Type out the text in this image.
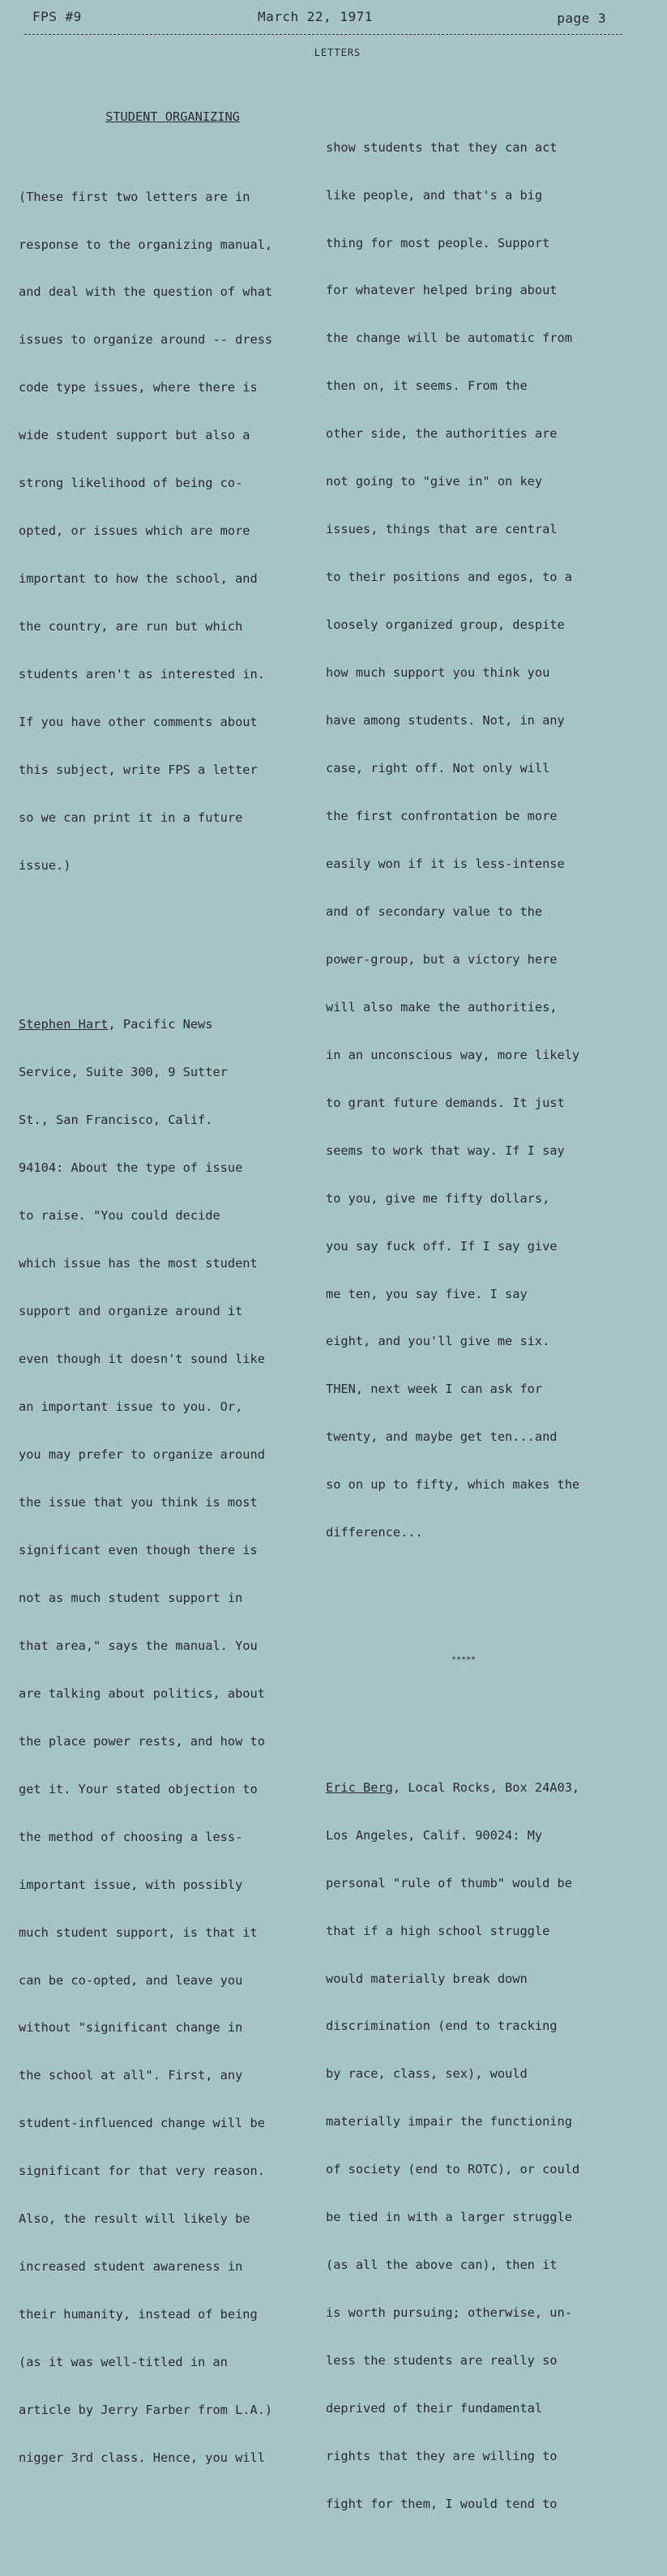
FPS #9	March 22, 1971	page 3
LETTERS

STUDENT ORGANIZING

(These first two letters are in

response to the organizing manual,

and deal with the question of what

issues to organize around -- dress

code type issues, where there is

wide student support but also a

strong likelihood of being co-

opted, or issues which are more

important to how the school, and

the country, are run but which

students aren't as interested in.

If you have other comments about

this subject, write FPS a letter

so we can print it in a future

issue.)

Stephen Hart, Pacific News

Service, Suite 300, 9 Sutter

St., San Francisco, Calif.

94104: About the type of issue

to raise. "You could decide

which issue has the most student

support and organize around it

even though it doesn't sound like

an important issue to you. Or,

you may prefer to organize around

the issue that you think is most

significant even though there is

not as much student support in

that area," says the manual. You

are talking about politics, about

the place power rests, and how to

get it. Your stated objection to

the method of choosing a less-

important issue, with possibly

much student support, is that it

can be co-opted, and leave you

without "significant change in

the school at all". First, any

student-influenced change will be

significant for that very reason.

Also, the result will likely be

increased student awareness in

their humanity, instead of being

(as it was well-titled in an

article by Jerry Farber from L.A.)

nigger 3rd class. Hence, you will

show students that they can act

like people, and that's a big

thing for most people. Support

for whatever helped bring about

the change will be automatic from

then on, it seems. From the

other side, the authorities are

not going to "give in" on key

issues, things that are central

to their positions and egos, to a

loosely organized group, despite

how much support you think you

have among students. Not, in any

case, right off. Not only will

the first confrontation be more

easily won if it is less-intense

and of secondary value to the

power-group, but a victory here

will also make the authorities,

in an unconscious way, more likely

to grant future demands. It just

seems to work that way. If I say

to you, give me fifty dollars,

you say fuck off. If I say give

me ten, you say five. I say

eight, and you'll give me six.

THEN, next week I can ask for

twenty, and maybe get ten...and

so on up to fifty, which makes the

difference...

*****

Eric Berg, Local Rocks, Box 24A03,

Los Angeles, Calif. 90024: My

personal "rule of thumb" would be

that if a high school struggle

would materially break down

discrimination (end to tracking

by race, class, sex), would

materially impair the functioning

of society (end to ROTC), or could

be tied in with a larger struggle

(as all the above can), then it

is worth pursuing; otherwise, un-

less the students are really so

deprived of their fundamental

rights that they are willing to

fight for them, I would tend to
